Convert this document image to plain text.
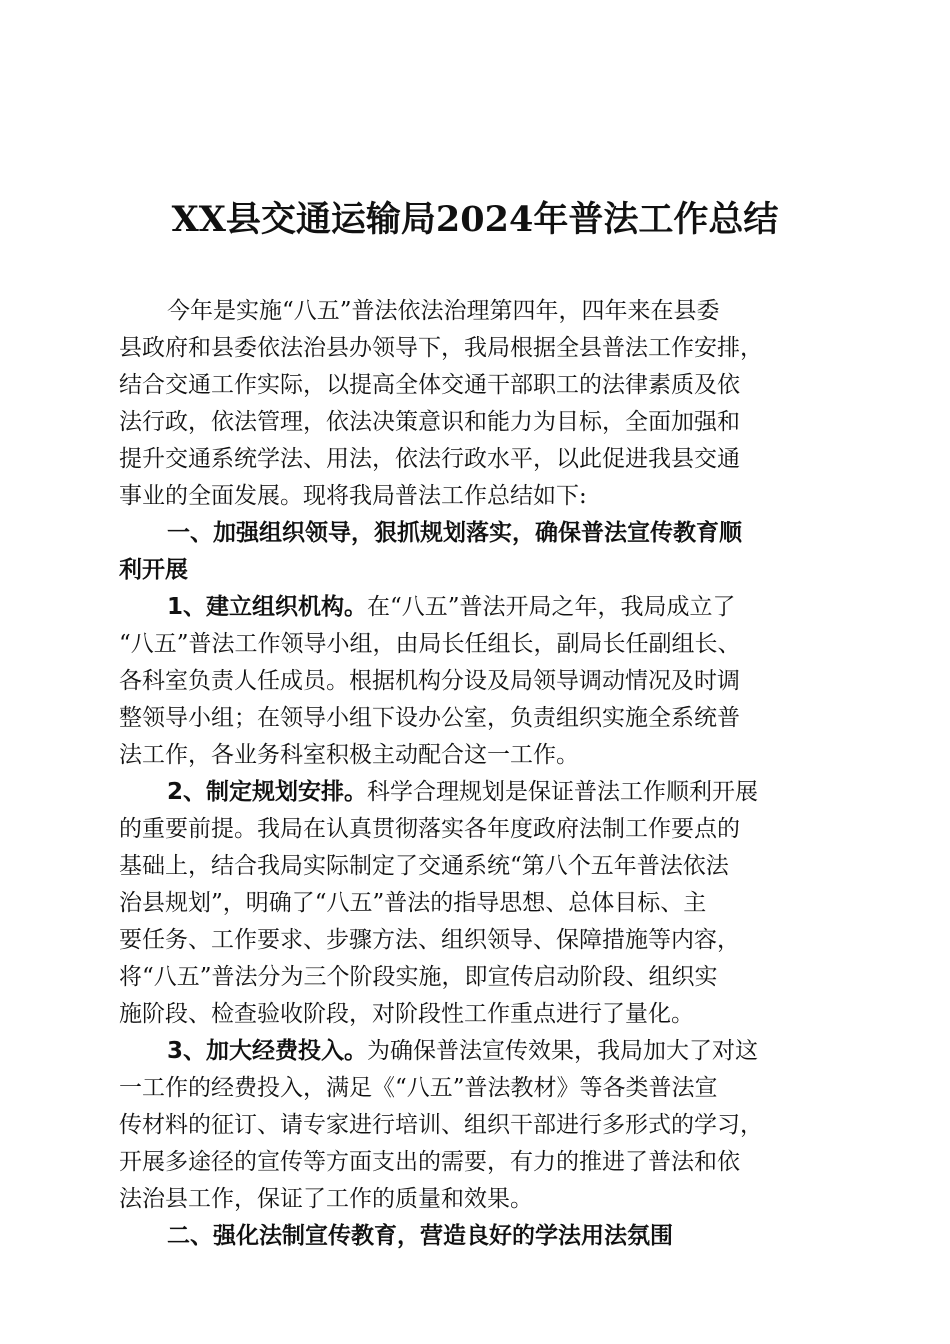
XX县交通运输局2024年普法工作总结
今年是实施“八五”普法依法治理第四年，四年来在县委
县政府和县委依法治县办领导下，我局根据全县普法工作安排，
结合交通工作实际，以提高全体交通干部职工的法律素质及依
法行政，依法管理，依法决策意识和能力为目标，全面加强和
提升交通系统学法、用法，依法行政水平，以此促进我县交通
事业的全面发展。现将我局普法工作总结如下:
一、加强组织领导，狠抓规划落实，确保普法宣传教育顺
利开展
1、建立组织机构。在“八五”普法开局之年，我局成立了
“八五”普法工作领导小组，由局长任组长，副局长任副组长、
各科室负责人任成员。根据机构分设及局领导调动情况及时调
整领导小组；在领导小组下设办公室，负责组织实施全系统普
法工作，各业务科室积极主动配合这一工作。
2、制定规划安排。科学合理规划是保证普法工作顺利开展
的重要前提。我局在认真贯彻落实各年度政府法制工作要点的
基础上，结合我局实际制定了交通系统“第八个五年普法依法
治县规划”，明确了“八五”普法的指导思想、总体目标、主
要任务、工作要求、步骤方法、组织领导、保障措施等内容，
将“八五”普法分为三个阶段实施，即宣传启动阶段、组织实
施阶段、检查验收阶段，对阶段性工作重点进行了量化。
3、加大经费投入。为确保普法宣传效果，我局加大了对这
一工作的经费投入，满足《“八五”普法教材》等各类普法宣
传材料的征订、请专家进行培训、组织干部进行多形式的学习，
开展多途径的宣传等方面支出的需要，有力的推进了普法和依
法治县工作，保证了工作的质量和效果。
二、强化法制宣传教育，营造良好的学法用法氛围
